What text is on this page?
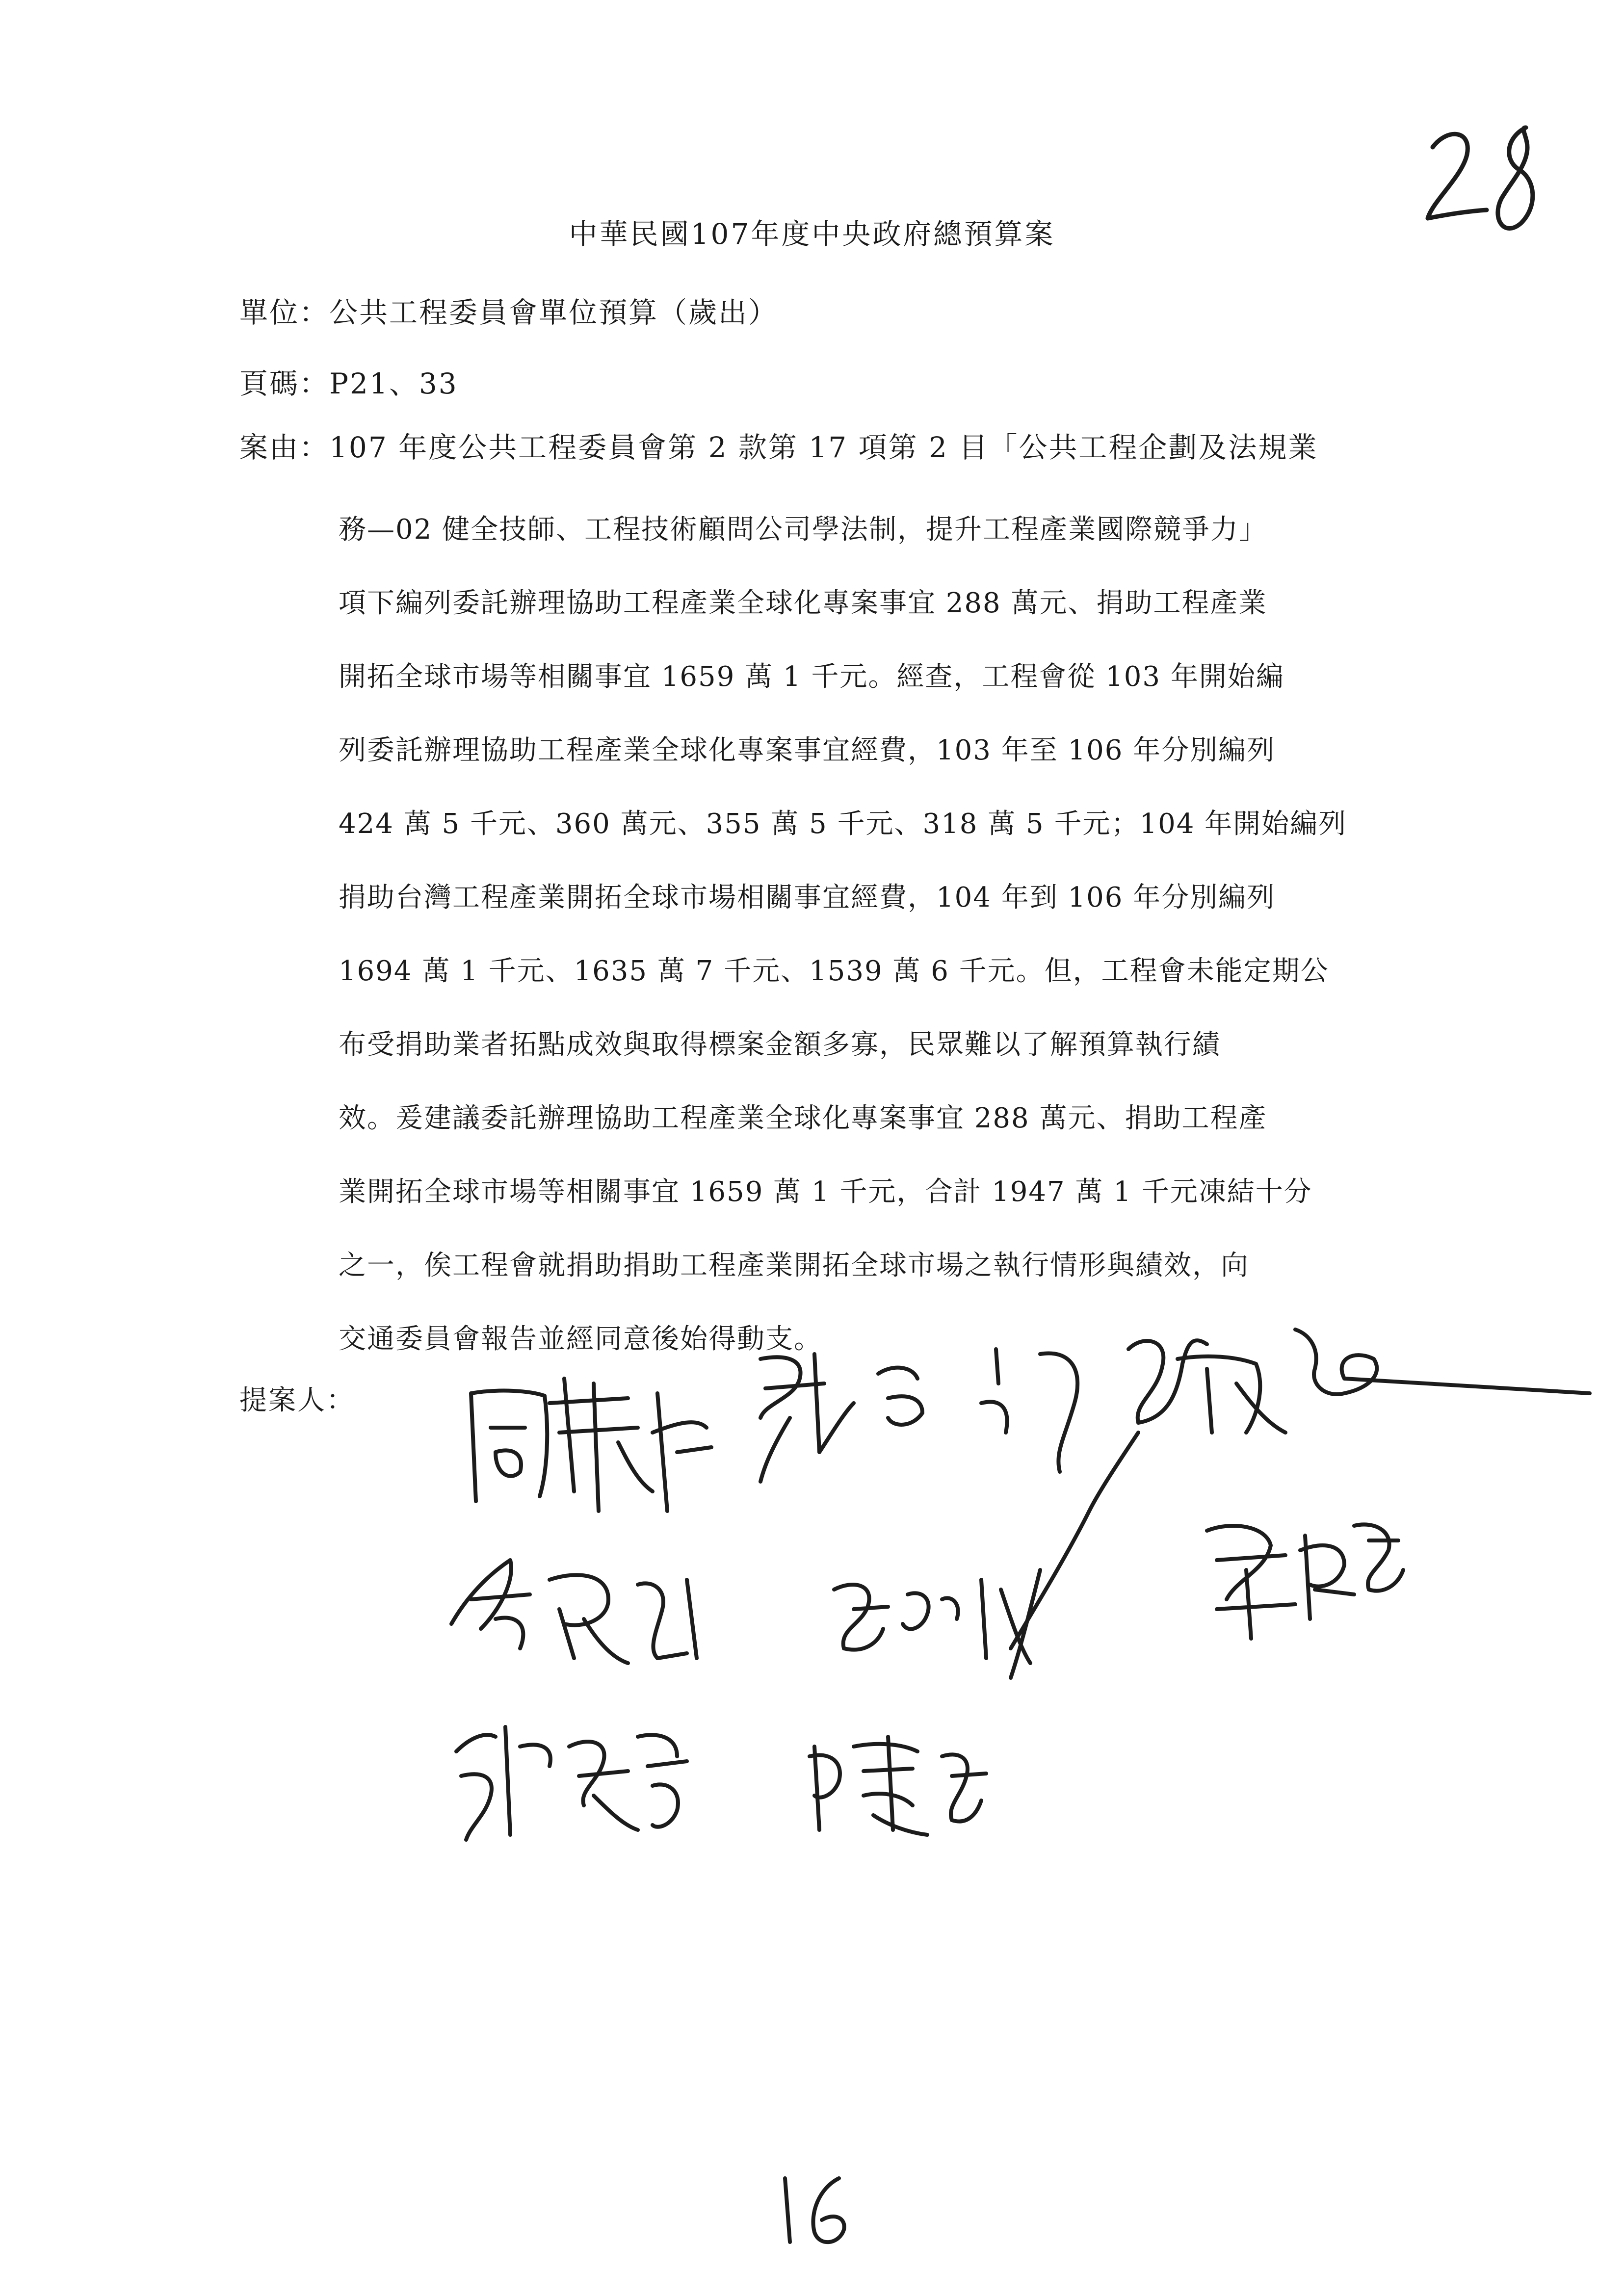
中華民國107年度中央政府總預算案
單位：公共工程委員會單位預算（歲出）
頁碼：P21、33
案由：107 年度公共工程委員會第 2 款第 17 項第 2 目「公共工程企劃及法規業
務—02 健全技師、工程技術顧問公司學法制，提升工程產業國際競爭力」
項下編列委託辦理協助工程產業全球化專案事宜 288 萬元、捐助工程產業
開拓全球市場等相關事宜 1659 萬 1 千元。經查，工程會從 103 年開始編
列委託辦理協助工程產業全球化專案事宜經費，103 年至 106 年分別編列
424 萬 5 千元、360 萬元、355 萬 5 千元、318 萬 5 千元；104 年開始編列
捐助台灣工程產業開拓全球市場相關事宜經費，104 年到 106 年分別編列
1694 萬 1 千元、1635 萬 7 千元、1539 萬 6 千元。但，工程會未能定期公
布受捐助業者拓點成效與取得標案金額多寡，民眾難以了解預算執行績
效。爰建議委託辦理協助工程產業全球化專案事宜 288 萬元、捐助工程產
業開拓全球市場等相關事宜 1659 萬 1 千元，合計 1947 萬 1 千元凍結十分
之一，俟工程會就捐助捐助工程產業開拓全球市場之執行情形與績效，向
交通委員會報告並經同意後始得動支。
提案人：
